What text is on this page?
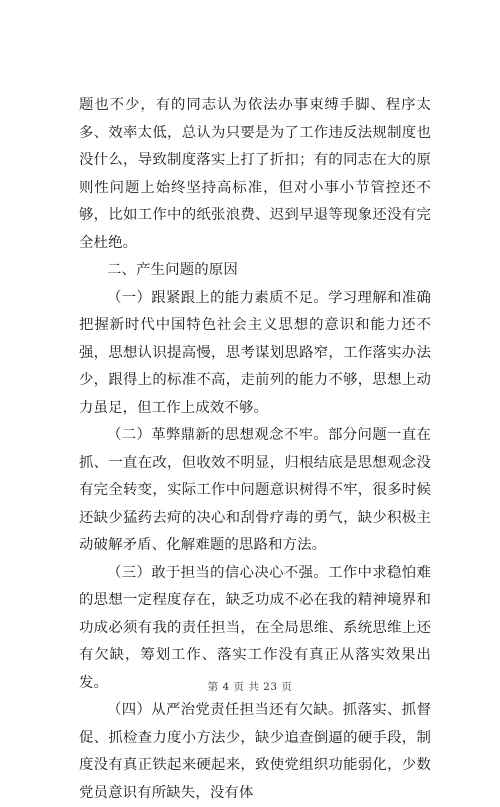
题也不少，有的同志认为依法办事束缚手脚、程序太多、效率太低，总认为只要是为了工作违反法规制度也没什么，导致制度落实上打了折扣；有的同志在大的原则性问题上始终坚持高标准，但对小事小节管控还不够，比如工作中的纸张浪费、迟到早退等现象还没有完全杜绝。

二、产生问题的原因

（一）跟紧跟上的能力素质不足。学习理解和准确把握新时代中国特色社会主义思想的意识和能力还不强，思想认识提高慢，思考谋划思路窄，工作落实办法少，跟得上的标准不高，走前列的能力不够，思想上动力虽足，但工作上成效不够。

（二）革弊鼎新的思想观念不牢。部分问题一直在抓、一直在改，但收效不明显，归根结底是思想观念没有完全转变，实际工作中问题意识树得不牢，很多时候还缺少猛药去疴的决心和刮骨疗毒的勇气，缺少积极主动破解矛盾、化解难题的思路和方法。

（三）敢于担当的信心决心不强。工作中求稳怕难的思想一定程度存在，缺乏功成不必在我的精神境界和功成必须有我的责任担当，在全局思维、系统思维上还有欠缺，筹划工作、落实工作没有真正从落实效果出发。

（四）从严治党责任担当还有欠缺。抓落实、抓督促、抓检查力度小方法少，缺少追查倒逼的硬手段，制度没有真正铁起来硬起来，致使党组织功能弱化，少数党员意识有所缺失，没有体

第 4 页 共 23 页
